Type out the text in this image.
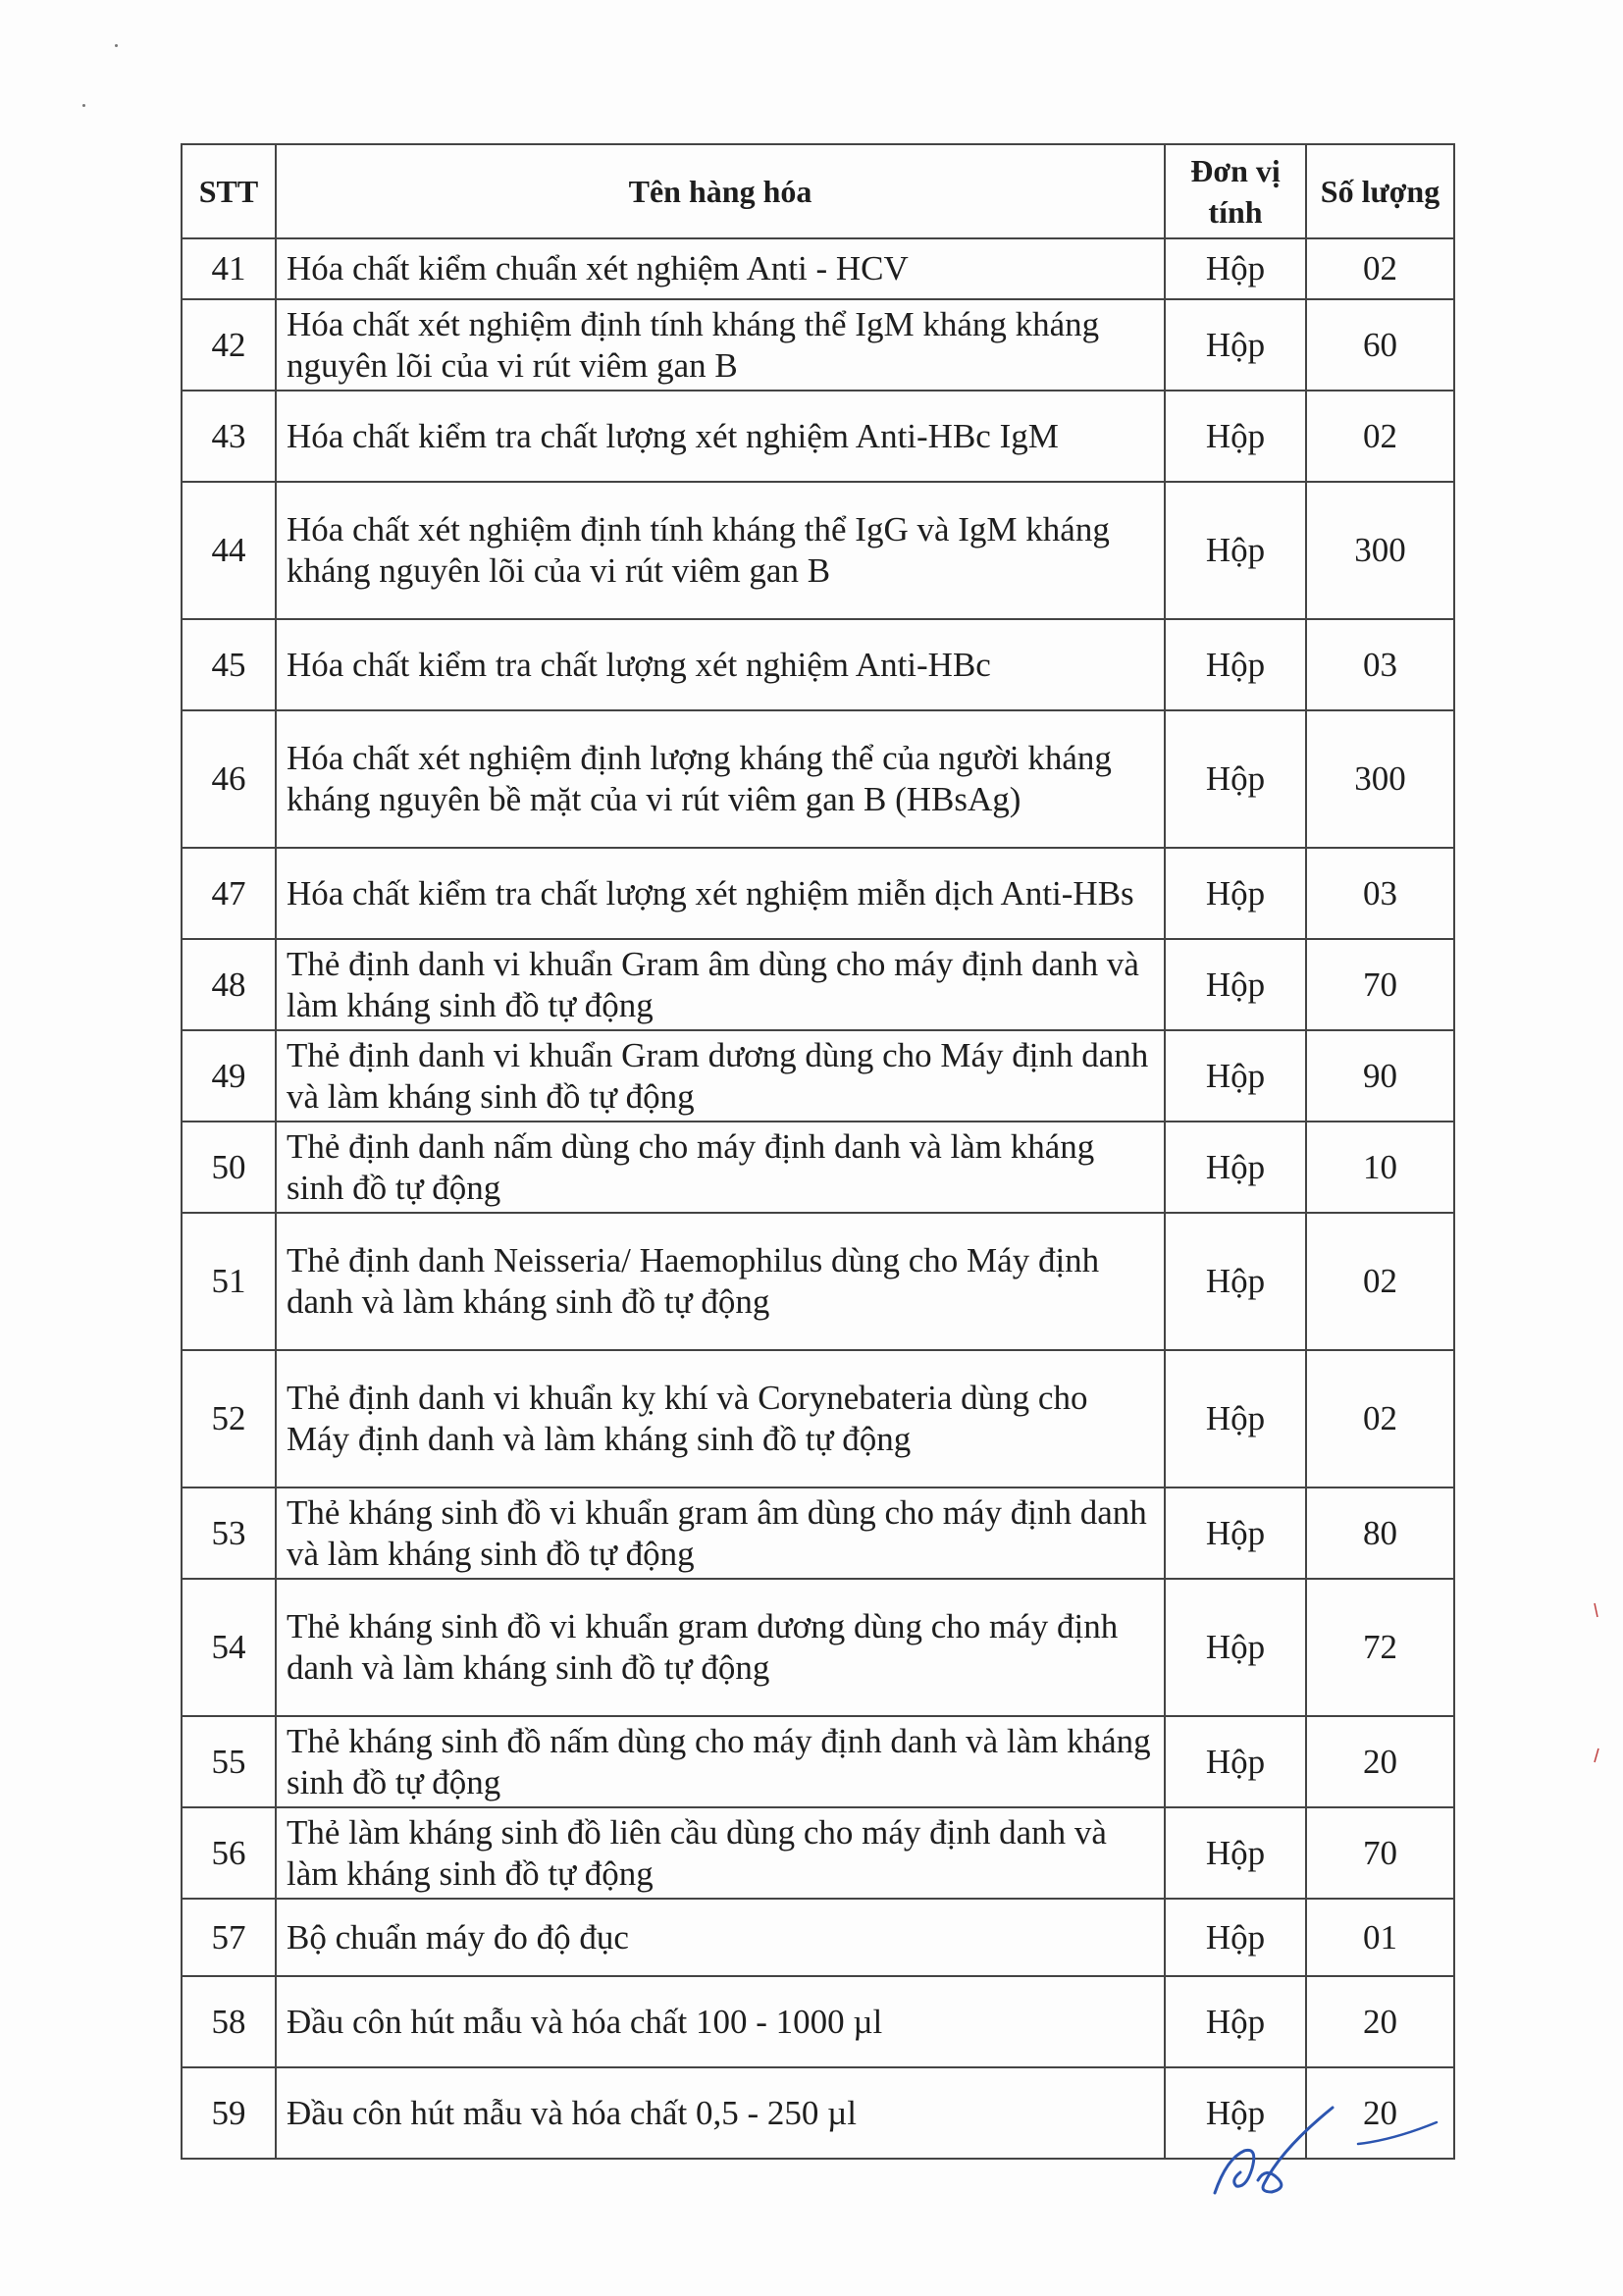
STT	Tên hàng hóa	Đơn vị tính	Số lượng
41	Hóa chất kiểm chuẩn xét nghiệm Anti - HCV	Hộp	02
42	Hóa chất xét nghiệm định tính kháng thể IgM kháng kháng nguyên lõi của vi rút viêm gan B	Hộp	60
43	Hóa chất kiểm tra chất lượng xét nghiệm Anti-HBc IgM	Hộp	02
44	Hóa chất xét nghiệm định tính kháng thể IgG và IgM kháng kháng nguyên lõi của vi rút viêm gan B	Hộp	300
45	Hóa chất kiểm tra chất lượng xét nghiệm Anti-HBc	Hộp	03
46	Hóa chất xét nghiệm định lượng kháng thể của người kháng kháng nguyên bề mặt của vi rút viêm gan B (HBsAg)	Hộp	300
47	Hóa chất kiểm tra chất lượng xét nghiệm miễn dịch Anti-HBs	Hộp	03
48	Thẻ định danh vi khuẩn Gram âm dùng cho máy định danh và làm kháng sinh đồ tự động	Hộp	70
49	Thẻ định danh vi khuẩn Gram dương dùng cho Máy định danh và làm kháng sinh đồ tự động	Hộp	90
50	Thẻ định danh nấm dùng cho máy định danh và làm kháng sinh đồ tự động	Hộp	10
51	Thẻ định danh Neisseria/ Haemophilus dùng cho Máy định danh và làm kháng sinh đồ tự động	Hộp	02
52	Thẻ định danh vi khuẩn kỵ khí và Corynebateria dùng cho Máy định danh và làm kháng sinh đồ tự động	Hộp	02
53	Thẻ kháng sinh đồ vi khuẩn gram âm dùng cho máy định danh và làm kháng sinh đồ tự động	Hộp	80
54	Thẻ kháng sinh đồ vi khuẩn gram dương dùng cho máy định danh và làm kháng sinh đồ tự động	Hộp	72
55	Thẻ kháng sinh đồ nấm dùng cho máy định danh và làm kháng sinh đồ tự động	Hộp	20
56	Thẻ làm kháng sinh đồ liên cầu dùng cho máy định danh và làm kháng sinh đồ tự động	Hộp	70
57	Bộ chuẩn máy đo độ đục	Hộp	01
58	Đầu côn hút mẫu và hóa chất 100 - 1000 µl	Hộp	20
59	Đầu côn hút mẫu và hóa chất 0,5 - 250 µl	Hộp	20
